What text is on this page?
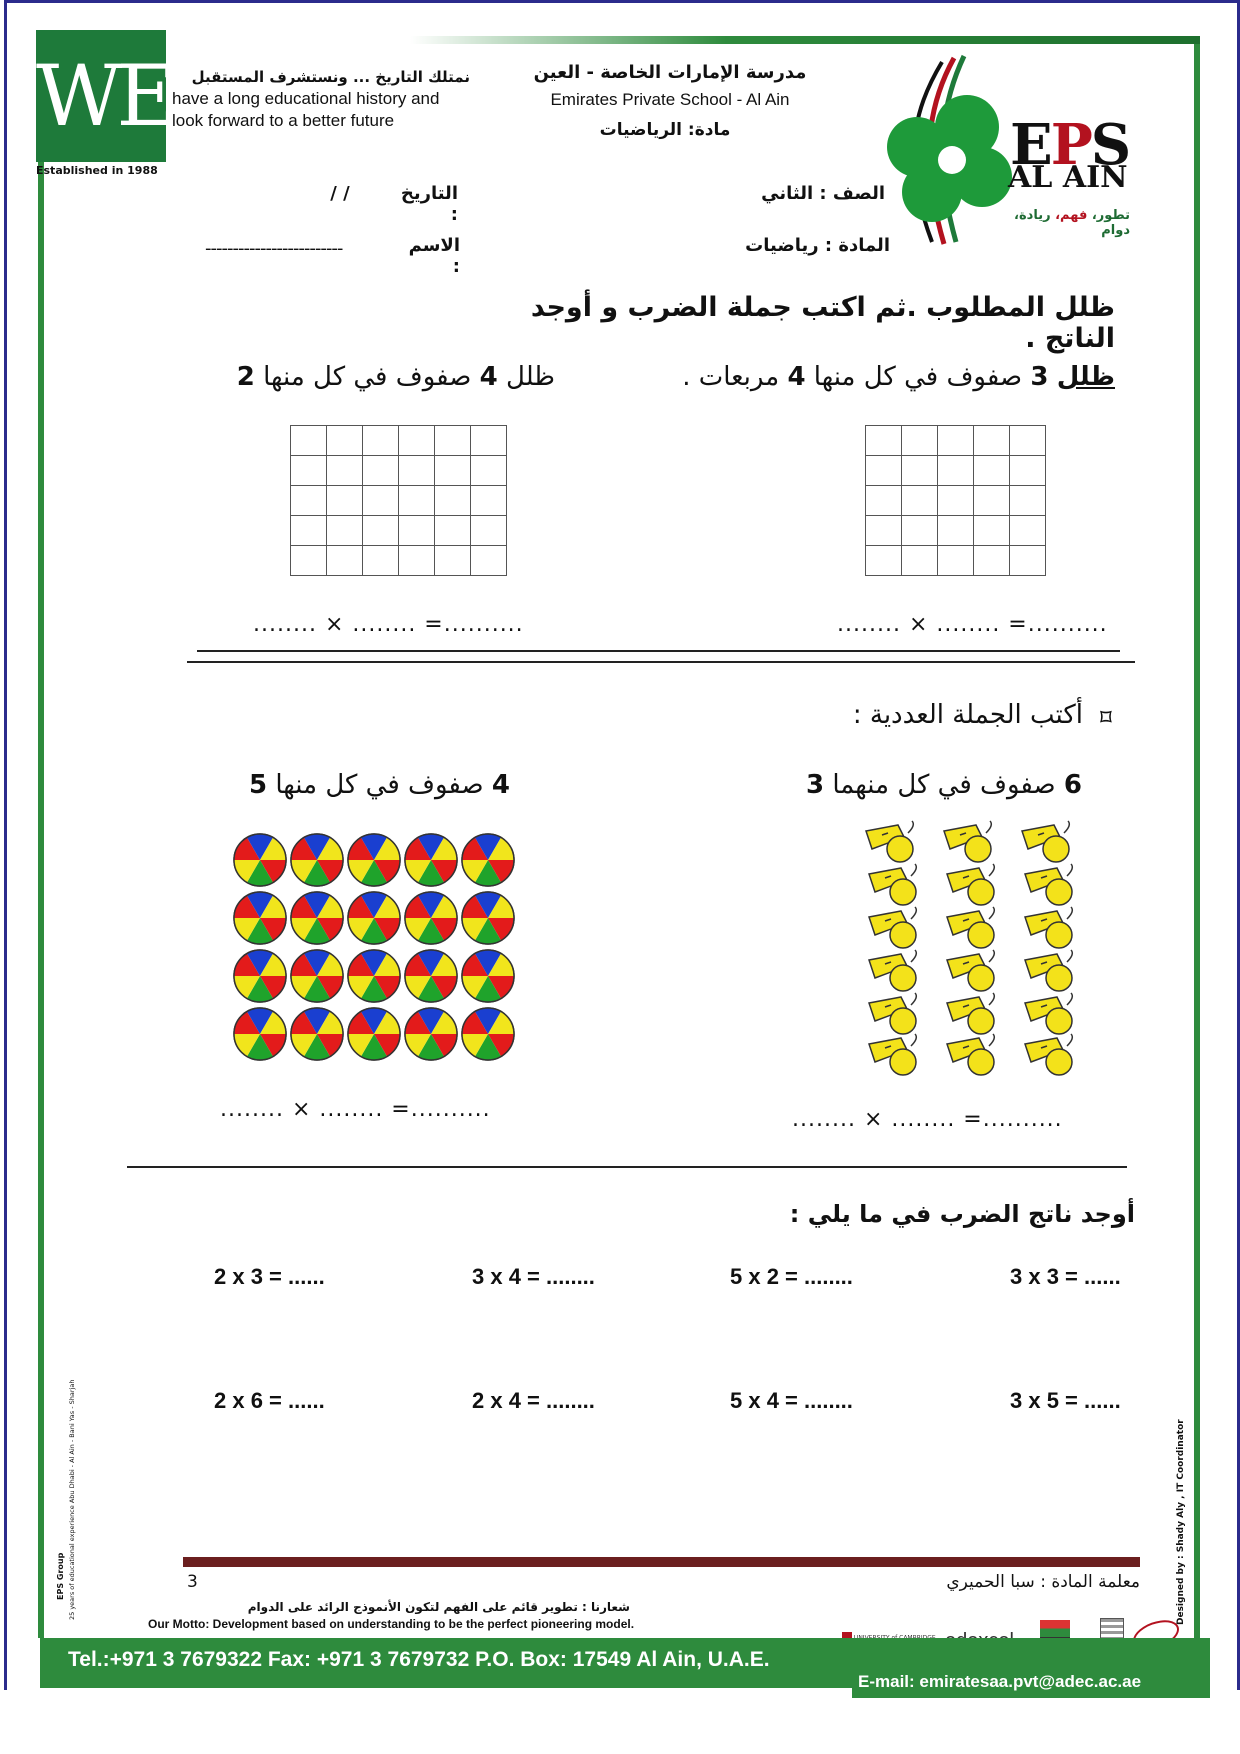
WE
Established in 1988
نمتلك التاريخ ... ونستشرف المستقبل
have a long educational history and
look forward to a better future
مدرسة الإمارات الخاصة - العين
Emirates Private School - Al Ain
مادة: الرياضيات	EPS
AL AIN
تطور، فهم، ريادة، دوام
التاريخ :
/ /	الصف : الثاني
الاسم :
-------------------------	المادة : رياضيات
ظلل المطلوب .ثم اكتب جملة الضرب و أوجد الناتج .
ظلل 3 صفوف في كل منها 4 مربعات .
ظلل 4 صفوف في كل منها 2

........ × ........ =..........	........ × ........ =..........
أكتب الجملة العددية : ⌑
6 صفوف في كل منهما 3
4 صفوف في كل منها 5
........ × ........ =..........	........ × ........ =..........
أوجد ناتج الضرب في ما يلي :
2 x 3 = ......	3 x 4 = ........	5 x 2 = ........	3 x 3 = ......
2 x 6 = ......	2 x 4 = ........	5 x 4 = ........	3 x 5 = ......
EPS Group 25 years of educational experience Abu Dhabi - Al Ain - Bani Yas - Sharjah	Designed by : Shady Aly , IT Coordinator
3	معلمة المادة : سبا الحميري
شعارنا : تطوير قائم على الفهم لتكون الأنموذج الرائد على الدوام
Our Motto: Development based on understanding to be the perfect pioneering model.
Tel.:+971 3 7679322 Fax: +971 3 7679732 P.O. Box: 17549 Al Ain, U.A.E.
E-mail: emiratesaa.pvt@adec.ac.ae
